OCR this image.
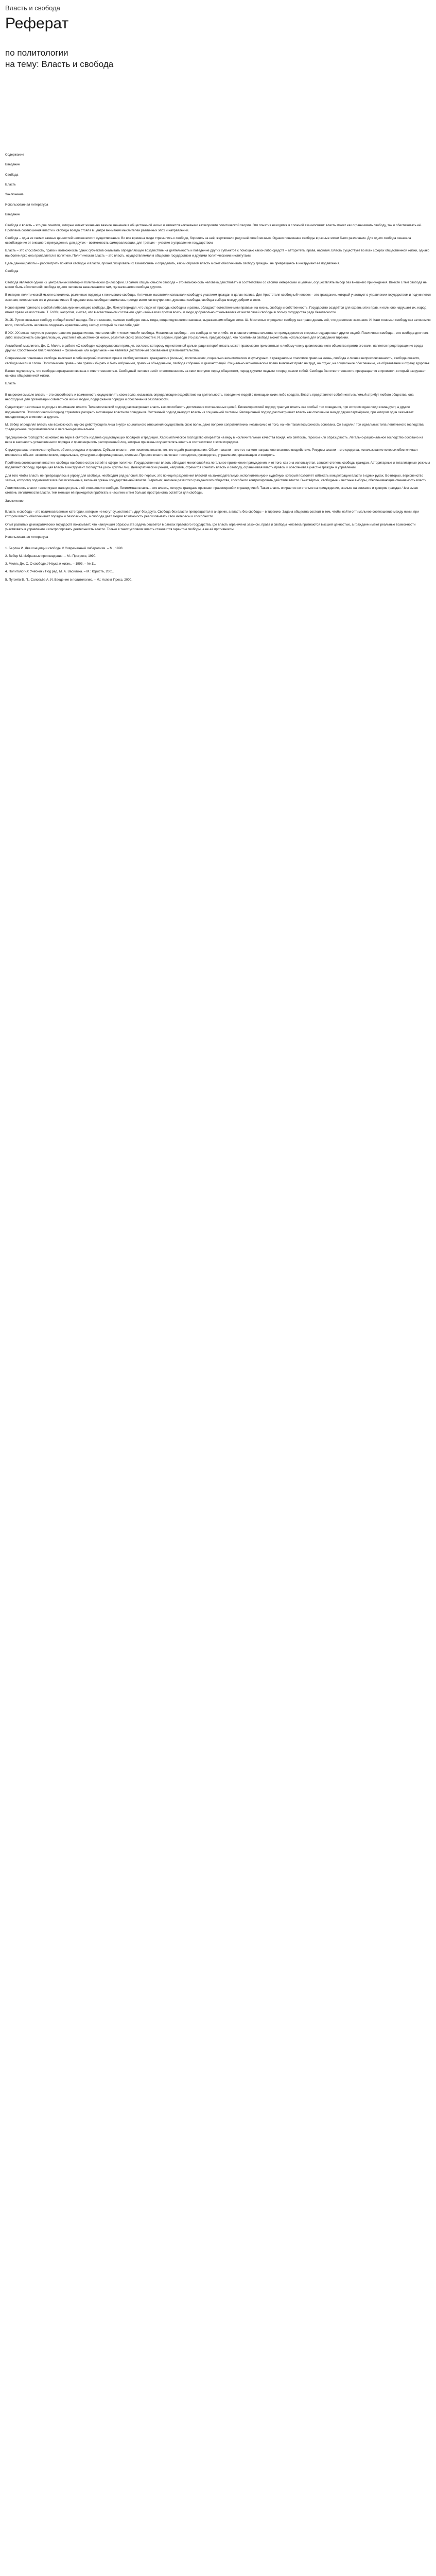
Власть и свобода
Реферат
по политологии
на тему: Власть и свобода
Содержание
Введение
Свобода
Власть
Заключение
Использованная литература
Введение
Свобода и власть – это две понятия, которые имеют жизненно важное значение в общественной жизни и являются ключевыми категориями политической теории. Эти понятия находятся в сложной взаимосвязи: власть может как ограничивать свободу, так и обеспечивать её. Проблема соотношения власти и свободы всегда стояла в центре внимания мыслителей различных эпох и направлений.
Свобода – одна из самых важных ценностей человеческого существования. Во все времена люди стремились к свободе, боролись за неё, жертвовали ради неё своей жизнью. Однако понимание свободы в разные эпохи было различным. Для одних свобода означала освобождение от внешнего принуждения, для других – возможность самореализации, для третьих – участие в управлении государством.
Власть – это способность, право и возможность одних субъектов оказывать определяющее воздействие на деятельность и поведение других субъектов с помощью каких-либо средств – авторитета, права, насилия. Власть существует во всех сферах общественной жизни, однако наиболее ярко она проявляется в политике. Политическая власть – это власть, осуществляемая в обществе государством и другими политическими институтами.
Цель данной работы – рассмотреть понятия свободы и власти, проанализировать их взаимосвязь и определить, каким образом власть может обеспечивать свободу граждан, не превращаясь в инструмент её подавления.
Свобода
Свобода является одной из центральных категорий политической философии. В самом общем смысле свобода – это возможность человека действовать в соответствии со своими интересами и целями, осуществлять выбор без внешнего принуждения. Вместе с тем свобода не может быть абсолютной: свобода одного человека заканчивается там, где начинается свобода другого.
В истории политической мысли сложились различные подходы к пониманию свободы. Античные мыслители связывали свободу с участием граждан в делах полиса. Для Аристотеля свободный человек – это гражданин, который участвует в управлении государством и подчиняется законам, которые сам же и устанавливает. В средние века свобода понималась прежде всего как внутренняя, духовная свобода, свобода выбора между добром и злом.
Новое время принесло с собой либеральную концепцию свободы. Дж. Локк утверждал, что люди от природы свободны и равны, обладают естественными правами на жизнь, свободу и собственность. Государство создаётся для охраны этих прав, и если оно нарушает их, народ имеет право на восстание. Т. Гоббс, напротив, считал, что в естественном состоянии идёт «война всех против всех», и люди добровольно отказываются от части своей свободы в пользу государства ради безопасности.
Ж.-Ж. Руссо связывал свободу с общей волей народа. По его мнению, человек свободен лишь тогда, когда подчиняется законам, выражающим общую волю. Ш. Монтескье определял свободу как право делать всё, что дозволено законами. И. Кант понимал свободу как автономию воли, способность человека следовать нравственному закону, который он сам себе даёт.
В XIX–XX веках получило распространение разграничение «негативной» и «позитивной» свободы. Негативная свобода – это свобода от чего-либо: от внешнего вмешательства, от принуждения со стороны государства и других людей. Позитивная свобода – это свобода для чего-либо: возможность самореализации, участия в общественной жизни, развития своих способностей. И. Берлин, проводя это различие, предупреждал, что позитивная свобода может быть использована для оправдания тирании.
Английский мыслитель Дж. С. Милль в работе «О свободе» сформулировал принцип, согласно которому единственной целью, ради которой власть может правомерно применяться к любому члену цивилизованного общества против его воли, является предотвращение вреда другим. Собственное благо человека – физическое или моральное – не является достаточным основанием для вмешательства.
Современное понимание свободы включает в себя широкий комплекс прав и свобод человека: гражданских (личных), политических, социально-экономических и культурных. К гражданским относятся право на жизнь, свобода и личная неприкосновенность, свобода совести, свобода мысли и слова. Политические права – это право избирать и быть избранным, право на объединение, свобода собраний и демонстраций. Социально-экономические права включают право на труд, на отдых, на социальное обеспечение, на образование и охрану здоровья.
Важно подчеркнуть, что свобода неразрывно связана с ответственностью. Свободный человек несёт ответственность за свои поступки перед обществом, перед другими людьми и перед самим собой. Свобода без ответственности превращается в произвол, который разрушает основы общественной жизни.
Власть
В широком смысле власть – это способность и возможность осуществлять свою волю, оказывать определяющее воздействие на деятельность, поведение людей с помощью каких-либо средств. Власть представляет собой неотъемлемый атрибут любого общества, она необходима для организации совместной жизни людей, поддержания порядка и обеспечения безопасности.
Существуют различные подходы к пониманию власти. Телеологический подход рассматривает власть как способность достижения поставленных целей. Бихевиористский подход трактует власть как особый тип поведения, при котором одни люди командуют, а другие подчиняются. Психологический подход стремится раскрыть мотивацию властного поведения. Системный подход выводит власть из социальной системы. Реляционный подход рассматривает власть как отношение между двумя партнёрами, при котором один оказывает определяющее влияние на другого.
М. Вебер определял власть как возможность одного действующего лица внутри социального отношения осуществить свою волю, даже вопреки сопротивлению, независимо от того, на чём такая возможность основана. Он выделил три идеальных типа легитимного господства: традиционное, харизматическое и легально-рациональное.
Традиционное господство основано на вере в святость издавна существующих порядков и традиций. Харизматическое господство опирается на веру в исключительные качества вождя, его святость, героизм или образцовость. Легально-рациональное господство основано на вере в законность установленного порядка и правомерность распоряжений лиц, которые призваны осуществлять власть в соответствии с этим порядком.
Структура власти включает субъект, объект, ресурсы и процесс. Субъект власти – это носитель власти, тот, кто отдаёт распоряжения. Объект власти – это тот, на кого направлено властное воздействие. Ресурсы власти – это средства, использование которых обеспечивает влияние на объект: экономические, социальные, культурно-информационные, силовые. Процесс власти включает господство, руководство, управление, организацию и контроль.
Проблема соотношения власти и свободы наиболее остро встаёт в сфере политики. Государственная власть обладает монополией на легальное применение принуждения, и от того, как она используется, зависит степень свободы граждан. Авторитарные и тоталитарные режимы подавляют свободу, превращая власть в инструмент господства узкой группы лиц. Демократический режим, напротив, стремится сочетать власть и свободу, ограничивая власть правом и обеспечивая участие граждан в управлении.
Для того чтобы власть не превращалась в угрозу для свободы, необходим ряд условий. Во-первых, это принцип разделения властей на законодательную, исполнительную и судебную, который позволяет избежать концентрации власти в одних руках. Во-вторых, верховенство закона, которому подчиняются все без исключения, включая органы государственной власти. В-третьих, наличие развитого гражданского общества, способного контролировать действия власти. В-четвёртых, свободные и честные выборы, обеспечивающие сменяемость власти.
Легитимность власти также играет важную роль в её отношении к свободе. Легитимная власть – это власть, которую граждане признают правомерной и справедливой. Такая власть опирается не столько на принуждение, сколько на согласие и доверие граждан. Чем выше степень легитимности власти, тем меньше ей приходится прибегать к насилию и тем больше пространства остаётся для свободы.
Заключение
Власть и свобода – это взаимосвязанные категории, которые не могут существовать друг без друга. Свобода без власти превращается в анархию, а власть без свободы – в тиранию. Задача общества состоит в том, чтобы найти оптимальное соотношение между ними, при котором власть обеспечивает порядок и безопасность, а свобода даёт людям возможность реализовывать свои интересы и способности.
Опыт развитых демократических государств показывает, что наилучшим образом эта задача решается в рамках правового государства, где власть ограничена законом, права и свободы человека признаются высшей ценностью, а граждане имеют реальные возможности участвовать в управлении и контролировать деятельность власти. Только в таких условиях власть становится гарантом свободы, а не её противником.
Использованная литература
1. Берлин И. Две концепции свободы // Современный либерализм. – М., 1998.
2. Вебер М. Избранные произведения. – М.: Прогресс, 1990.
3. Милль Дж. С. О свободе // Наука и жизнь. – 1993. – № 11.
4. Политология: Учебник / Под ред. М. А. Василика. – М.: Юристъ, 2001.
5. Пугачёв В. П., Соловьёв А. И. Введение в политологию. – М.: Аспект Пресс, 2000.
